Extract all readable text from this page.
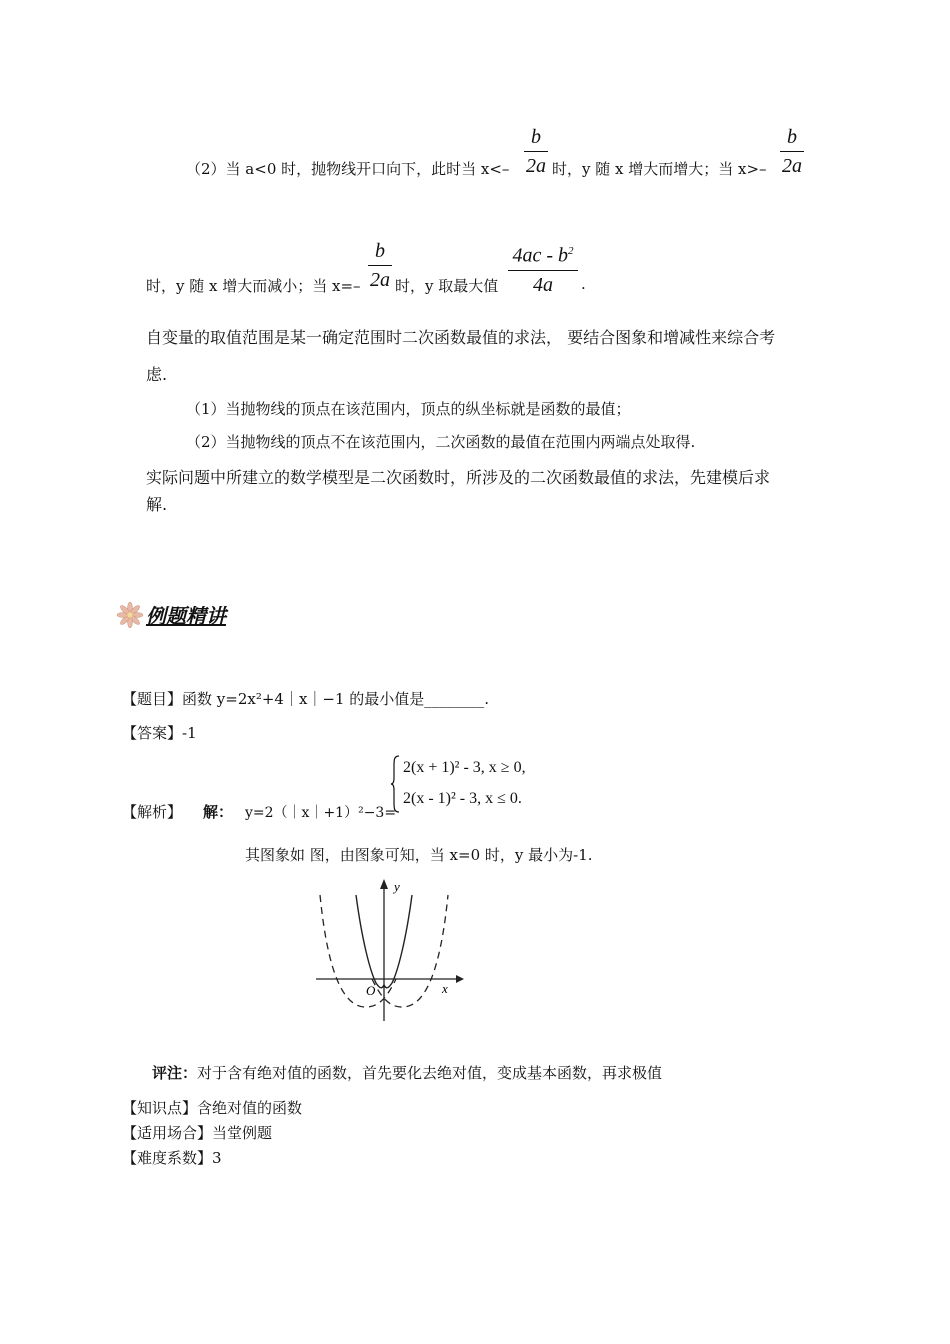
（2）当 a<0 时，抛物线开口向下，此时当 x<–
b
2a 时，y 随 x 增大而增大；当 x>–
b
2a
时，y 随 x 增大而减小；当 x=–
b
2a 时，y 取最大值
$4ac - b^2$
4a	.
自变量的取值范围是某一确定范围时二次函数最值的求法， 要结合图象和增减性来综合考
虑.
（1）当抛物线的顶点在该范围内，顶点的纵坐标就是函数的最值；
（2）当抛物线的顶点不在该范围内，二次函数的最值在范围内两端点处取得.
实际问题中所建立的数学模型是二次函数时，所涉及的二次函数最值的求法，先建模后求
解.
例题精讲
【题目】函数 y=2x²+4｜x｜−1 的最小值是________.
【答案】-1
【解析】 解： y=2（｜x｜+1）²−3=
2(x + 1)² - 3, x ≥ 0,
2(x - 1)² - 3, x ≤ 0.
其图象如 图，由图象可知，当 x=0 时，y 最小为-1.
y
x
O
评注：对于含有绝对值的函数，首先要化去绝对值，变成基本函数，再求极值
【知识点】含绝对值的函数
【适用场合】当堂例题
【难度系数】3
